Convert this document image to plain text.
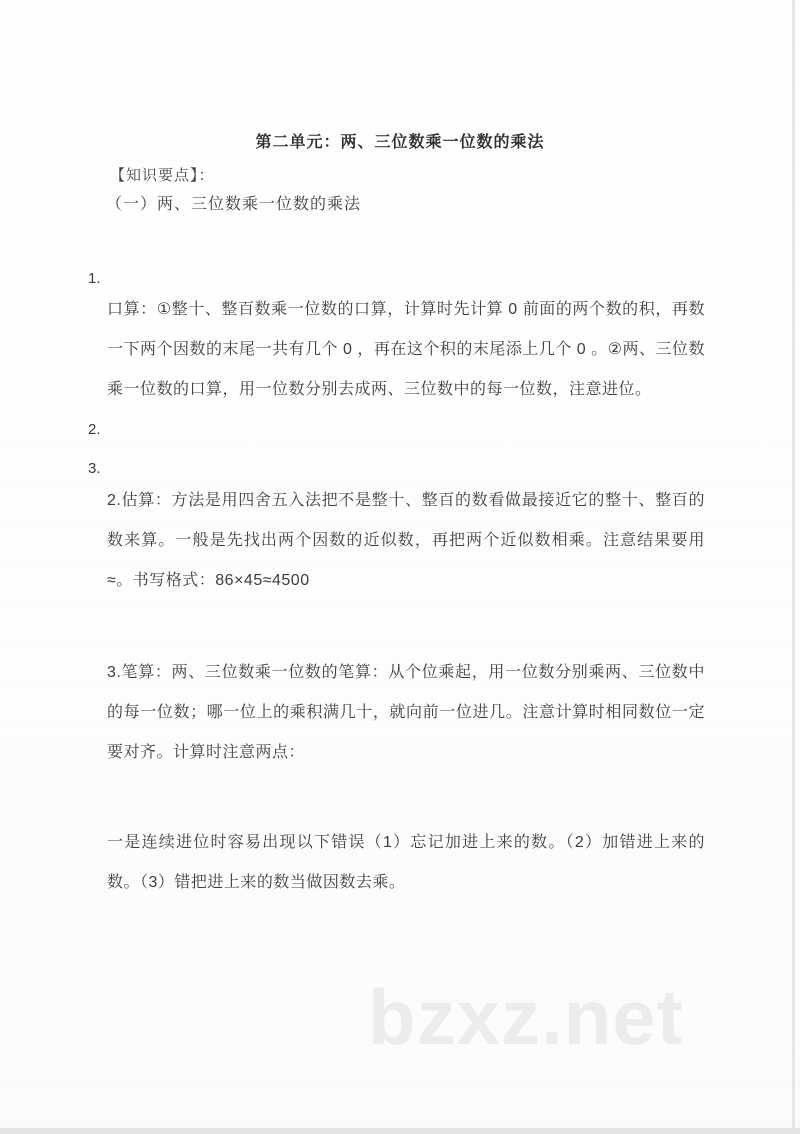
第二单元：两、三位数乘一位数的乘法
【知识要点】：
（一）两、三位数乘一位数的乘法
1.

口算：①整十、整百数乘一位数的口算，计算时先计算 0 前面的两个数的积，再数一下两个因数的末尾一共有几个 0 ，再在这个积的末尾添上几个 0 。②两、三位数乘一位数的口算，用一位数分别去成两、三位数中的每一位数，注意进位。

2.
3.

2.估算：方法是用四舍五入法把不是整十、整百的数看做最接近它的整十、整百的数来算。一般是先找出两个因数的近似数，再把两个近似数相乘。注意结果要用≈。书写格式：86×45≈4500

3.笔算：两、三位数乘一位数的笔算：从个位乘起，用一位数分别乘两、三位数中的每一位数；哪一位上的乘积满几十，就向前一位进几。注意计算时相同数位一定要对齐。计算时注意两点：

一是连续进位时容易出现以下错误（1）忘记加进上来的数。（2）加错进上来的数。（3）错把进上来的数当做因数去乘。

bzxz.net
